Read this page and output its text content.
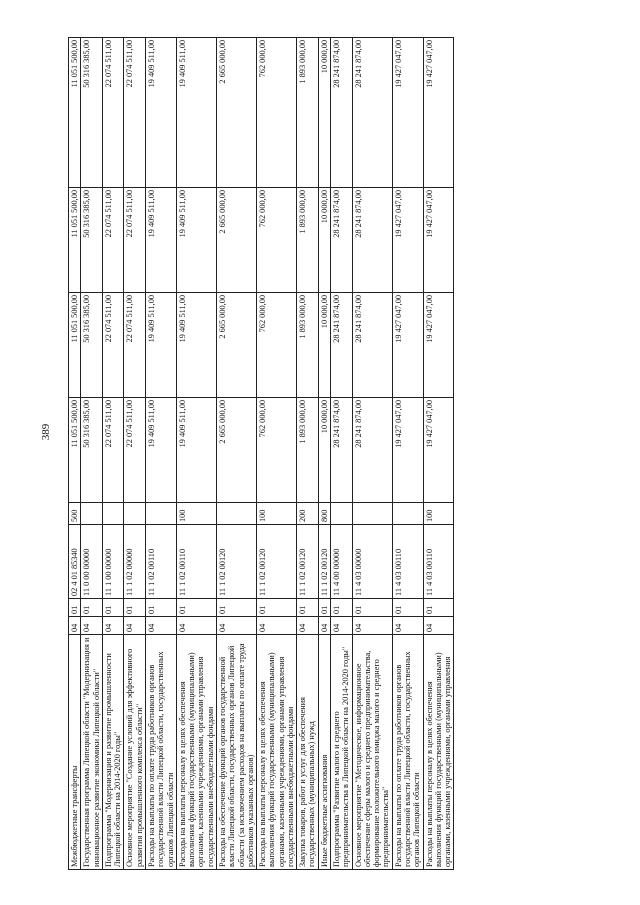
389
Межбюджетные трансферты	04	01	02 4 01 85340	500	11 051 500,00	11 051 500,00	11 051 500,00	11 051 500,00
Государственная программа Липецкой области "Модернизация и инновационное развитие экономики Липецкой области"	04	01	11 0 00 00000		50 316 385,00	50 316 385,00	50 316 385,00	50 316 385,00
Подпрограмма "Модернизация и развитие промышленности Липецкой области на 2014-2020 годы"	04	01	11 1 00 00000		22 074 511,00	22 074 511,00	22 074 511,00	22 074 511,00
Основное мероприятие "Создание условий для эффективного развития промышленного комплекса области"	04	01	11 1 02 00000		22 074 511,00	22 074 511,00	22 074 511,00	22 074 511,00
Расходы на выплаты по оплате труда работников органов государственной власти Липецкой области, государственных органов Липецкой области	04	01	11 1 02 00110		19 409 511,00	19 409 511,00	19 409 511,00	19 409 511,00
Расходы на выплаты персоналу в целях обеспечения выполнения функций государственными (муниципальными) органами, казенными учреждениями, органами управления государственными внебюджетными фондами	04	01	11 1 02 00110	100	19 409 511,00	19 409 511,00	19 409 511,00	19 409 511,00
Расходы на обеспечение функций органов государственной власти Липецкой области, государственных органов Липецкой области (за исключением расходов на выплаты по оплате труда работников указанных органов)	04	01	11 1 02 00120		2 665 000,00	2 665 000,00	2 665 000,00	2 665 000,00
Расходы на выплаты персоналу в целях обеспечения выполнения функций государственными (муниципальными) органами, казенными учреждениями, органами управления государственными внебюджетными фондами	04	01	11 1 02 00120	100	762 000,00	762 000,00	762 000,00	762 000,00
Закупка товаров, работ и услуг для обеспечения государственных (муниципальных) нужд	04	01	11 1 02 00120	200	1 893 000,00	1 893 000,00	1 893 000,00	1 893 000,00
Иные бюджетные ассигнования	04	01	11 1 02 00120	800	10 000,00	10 000,00	10 000,00	10 000,00
Подпрограмма "Развитие малого и среднего предпринимательства в Липецкой области на 2014-2020 годы"	04	01	11 4 00 00000		28 241 874,00	28 241 874,00	28 241 874,00	28 241 874,00
Основное мероприятие "Методическое, информационное обеспечение сферы малого и среднего предпринимательства, формирование положительного имиджа малого и среднего предпринимательства"	04	01	11 4 03 00000		28 241 874,00	28 241 874,00	28 241 874,00	28 241 874,00
Расходы на выплаты по оплате труда работников органов государственной власти Липецкой области, государственных органов Липецкой области	04	01	11 4 03 00110		19 427 047,00	19 427 047,00	19 427 047,00	19 427 047,00
Расходы на выплаты персоналу в целях обеспечения выполнения функций государственными (муниципальными) органами, казенными учреждениями, органами управления	04	01	11 4 03 00110	100	19 427 047,00	19 427 047,00	19 427 047,00	19 427 047,00
